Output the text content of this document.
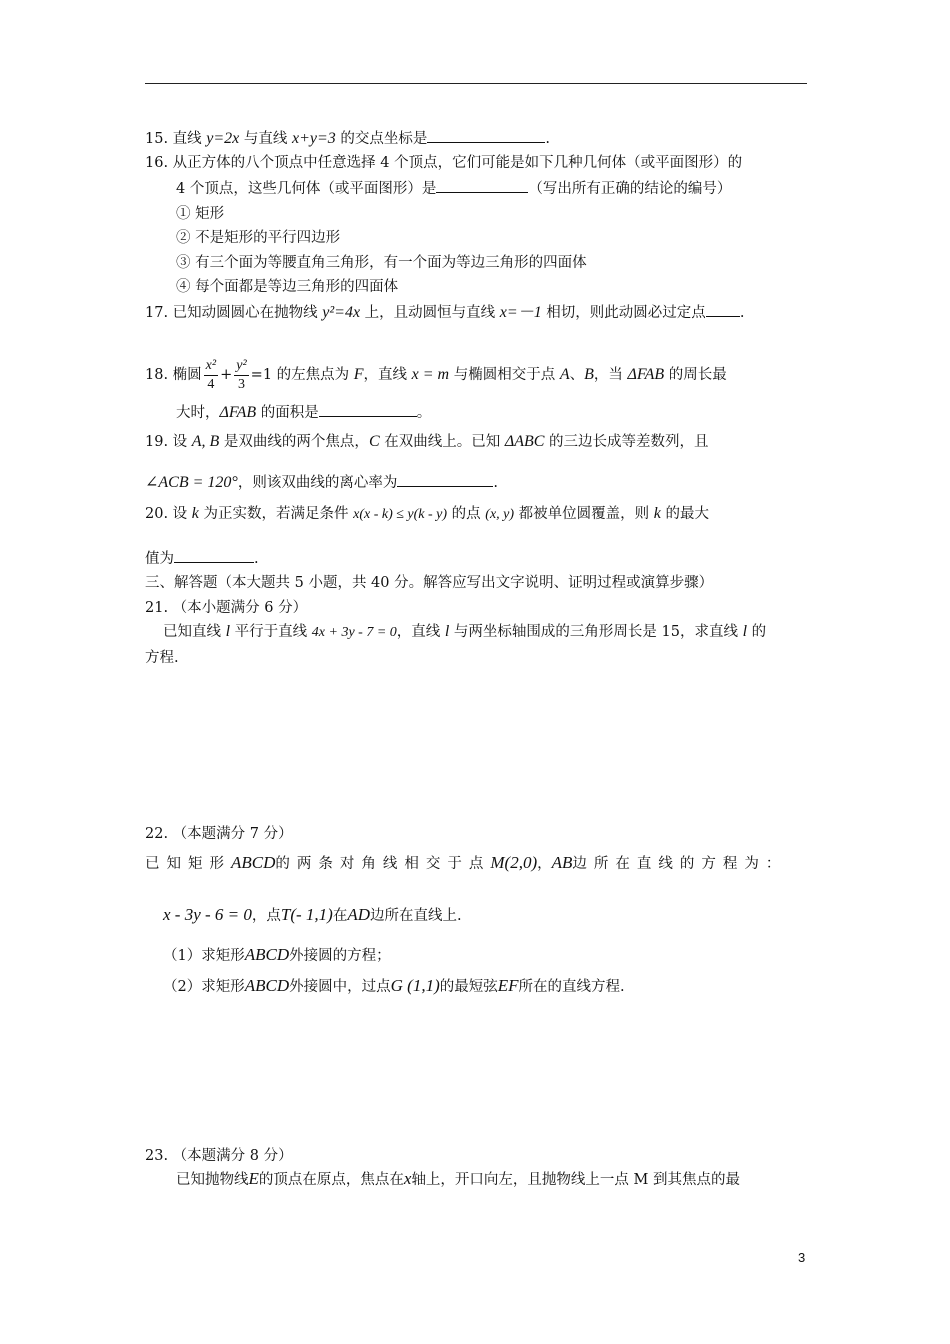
15. 直线 y=2x 与直线 x+y=3 的交点坐标是	.
16. 从正方体的八个顶点中任意选择 4 个顶点，它们可能是如下几种几何体（或平面图形）的
4 个顶点，这些几何体（或平面图形）是	（写出所有正确的结论的编号）
① 矩形
② 不是矩形的平行四边形
③ 有三个面为等腰直角三角形，有一个面为等边三角形的四面体
④ 每个面都是等边三角形的四面体
17. 已知动圆圆心在抛物线 y²=4x 上，且动圆恒与直线 x=－1 相切，则此动圆必过定点 .
18. 椭圆 $\frac{\text{x²}}{4} + \frac{\text{y²}}{3} =1$ 的左焦点为 F，直线 x = m 与椭圆相交于点 A、B，当 ΔFAB 的周长最
大时，ΔFAB 的面积是	。
19. 设 A, B 是双曲线的两个焦点，C 在双曲线上。已知 ΔABC 的三边长成等差数列，且
∠ACB = 120°，则该双曲线的离心率为	.
20. 设 k 为正实数，若满足条件 x(x - k) ≤ y(k - y) 的点 (x, y) 都被单位圆覆盖，则 k 的最大
值为	.
三、解答题（本大题共 5 小题，共 40 分。解答应写出文字说明、证明过程或演算步骤）
21. （本小题满分 6 分）
已知直线 l 平行于直线 4x + 3y - 7 = 0，直线 l 与两坐标轴围成的三角形周长是 15，求直线 l 的
方程.
22. （本题满分 7 分）
已知矩形ABCD的两条对角线相交于点M(2,0)，AB边所在直线的方程为：
x - 3y - 6 = 0，点T(- 1,1)在AD边所在直线上.
（1）求矩形ABCD外接圆的方程；
（2）求矩形ABCD外接圆中，过点G (1,1)的最短弦EF所在的直线方程.
23. （本题满分 8 分）
已知抛物线E的顶点在原点，焦点在x轴上，开口向左，且抛物线上一点 M 到其焦点的最
3
